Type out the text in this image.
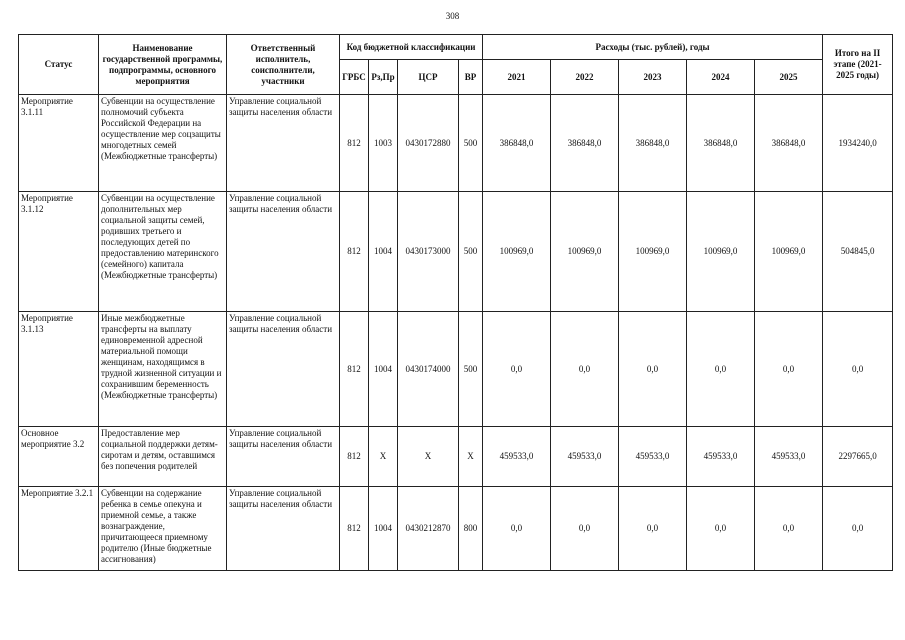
308
Статус	Наименование государственной программы, подпрограммы, основного мероприятия	Ответственный исполнитель, соисполнители, участники	Код бюджетной классификации				Расходы (тыс. рублей), годы					Итого на II этапе (2021-2025 годы)
			ГРБС	Рз,Пр	ЦСР	ВР	2021	2022	2023	2024	2025	
Мероприятие 3.1.11	Субвенции на осуществление полномочий субъекта Российской Федерации на осуществление мер соцзащиты многодетных семей (Межбюджетные трансферты)	Управление социальной защиты населения области	812	1003	0430172880	500	386848,0	386848,0	386848,0	386848,0	386848,0	1934240,0
Мероприятие 3.1.12	Субвенции на осуществление дополнительных мер социальной защиты семей, родивших третьего и последующих детей по предоставлению материнского (семейного) капитала (Межбюджетные трансферты)	Управление социальной защиты населения области	812	1004	0430173000	500	100969,0	100969,0	100969,0	100969,0	100969,0	504845,0
Мероприятие 3.1.13	Иные межбюджетные трансферты на выплату единовременной адресной материальной помощи женщинам, находящимся в трудной жизненной ситуации и сохранившим беременность (Межбюджетные трансферты)	Управление социальной защиты населения области	812	1004	0430174000	500	0,0	0,0	0,0	0,0	0,0	0,0
Основное мероприятие 3.2	Предоставление мер социальной поддержки детям-сиротам и детям, оставшимся без попечения родителей	Управление социальной защиты населения области	812	X	X	X	459533,0	459533,0	459533,0	459533,0	459533,0	2297665,0
Мероприятие 3.2.1	Субвенции на содержание ребенка в семье опекуна и приемной семье, а также вознаграждение, причитающееся приемному родителю (Иные бюджетные ассигнования)	Управление социальной защиты населения области	812	1004	0430212870	800	0,0	0,0	0,0	0,0	0,0	0,0
